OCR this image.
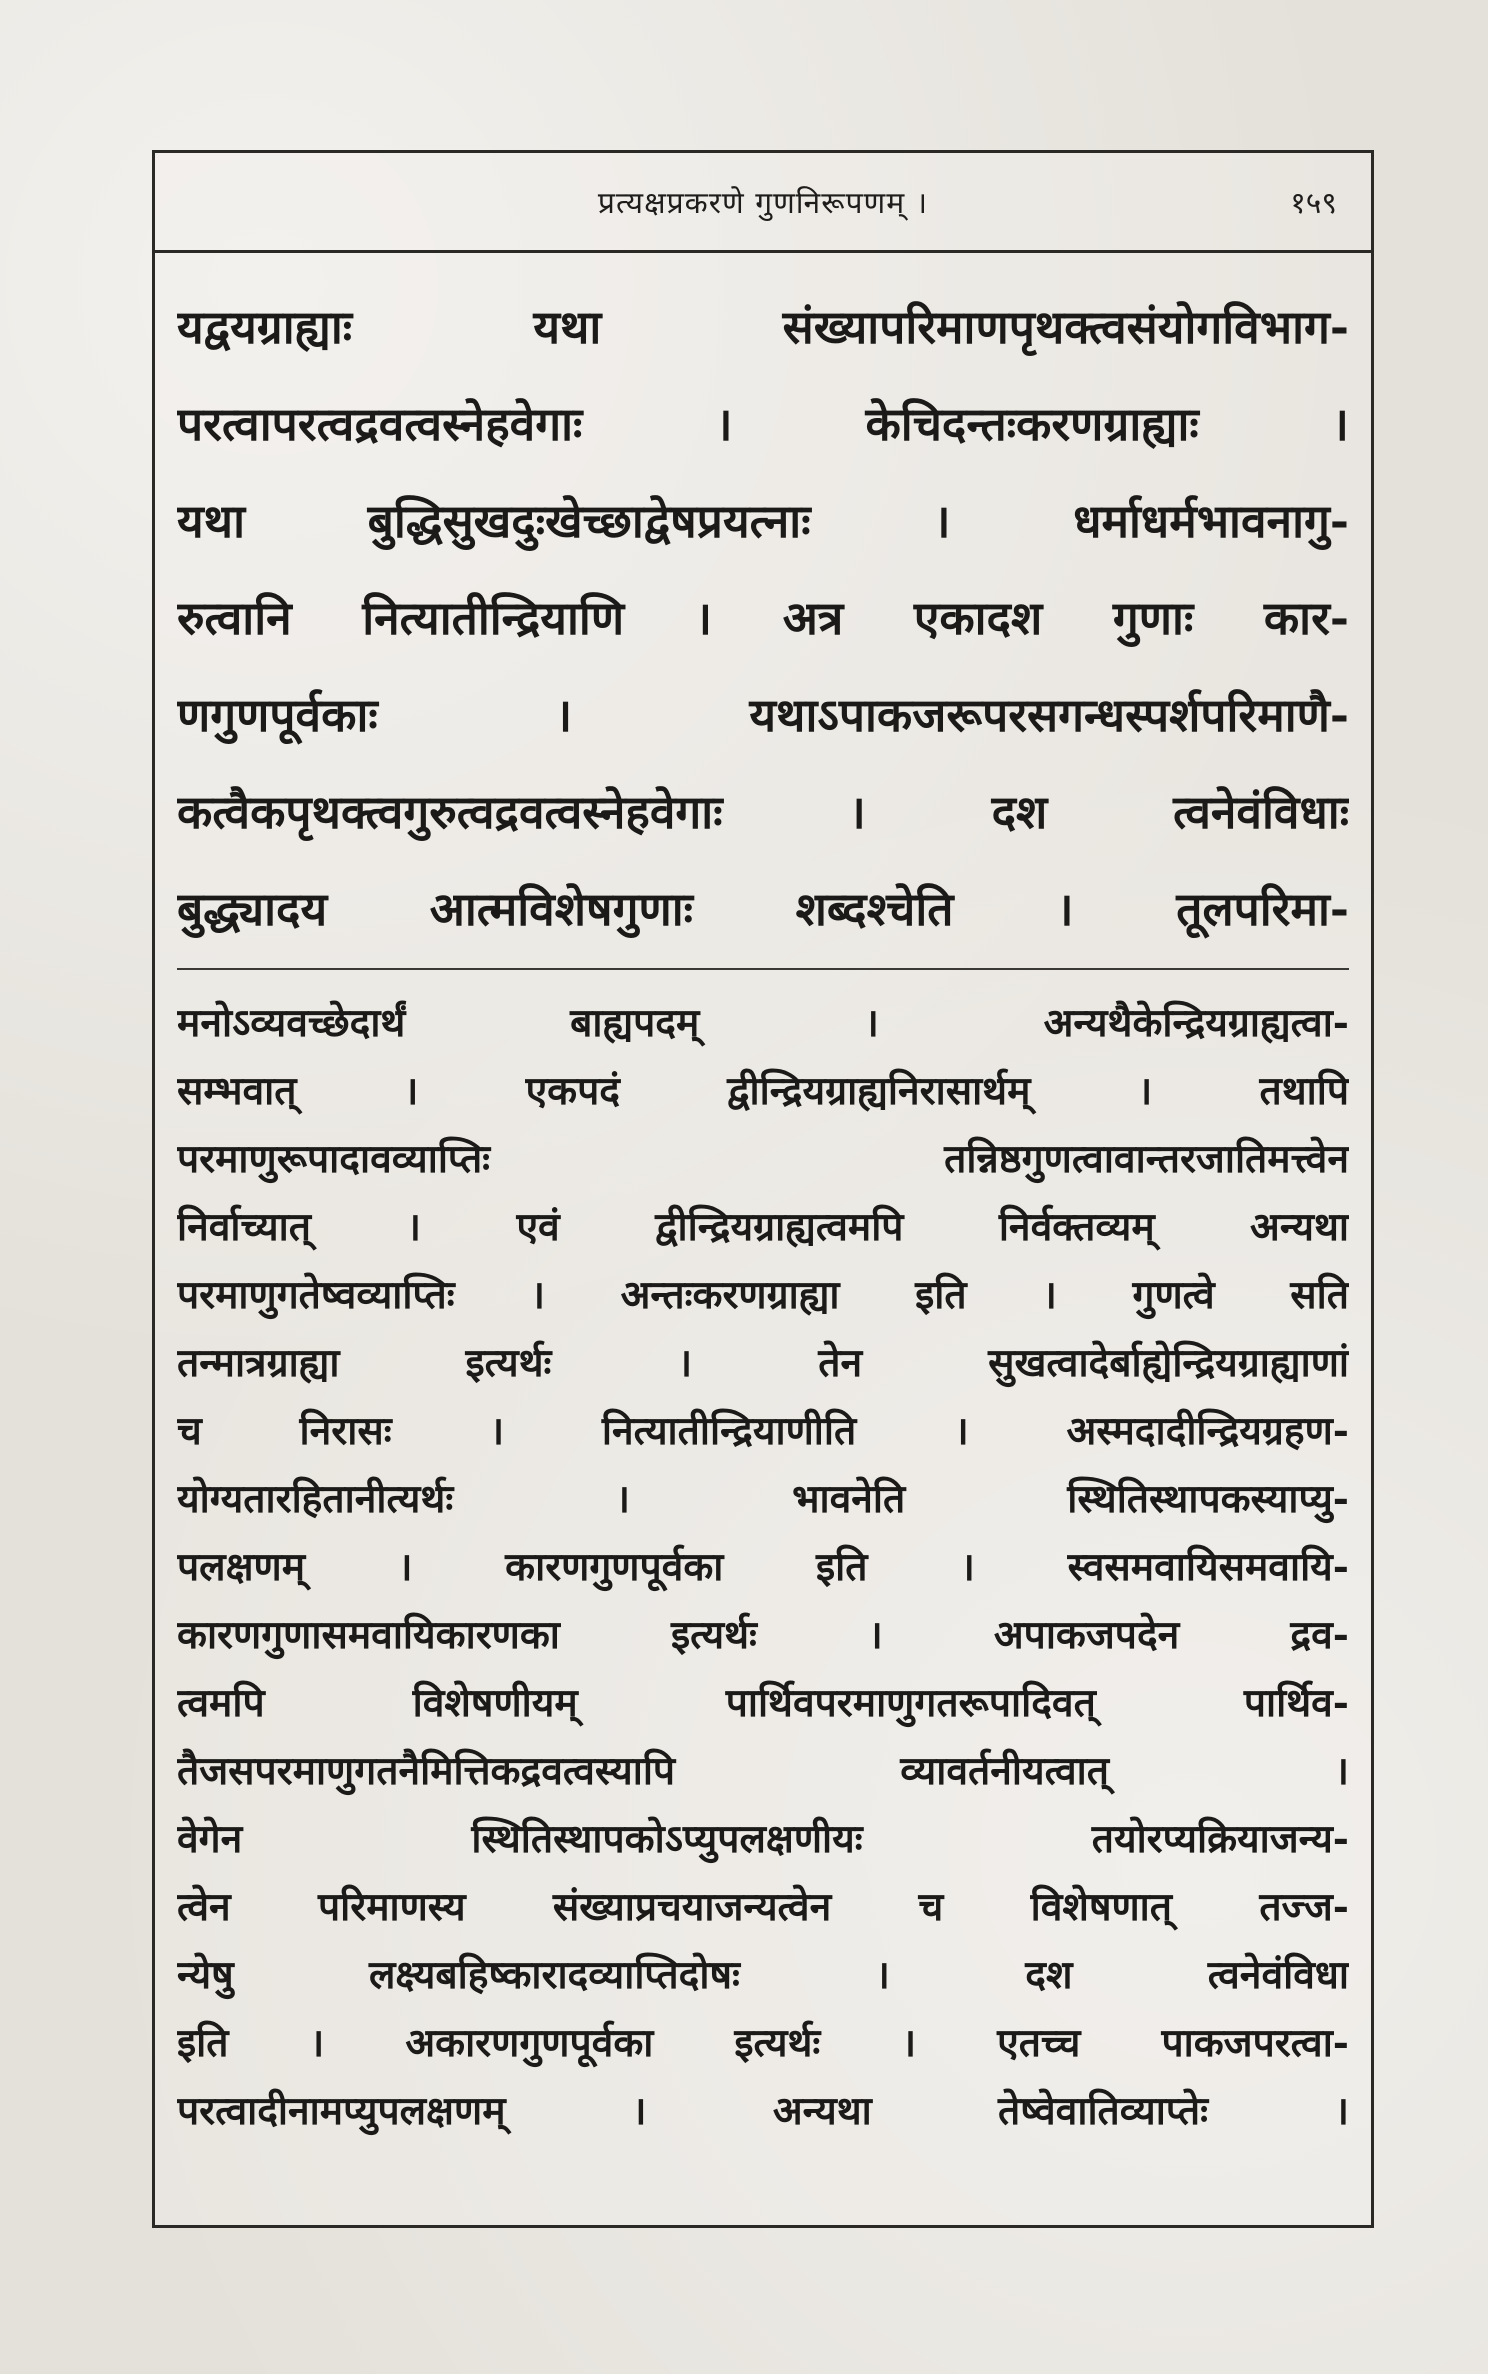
प्रत्यक्षप्रकरणे गुणनिरूपणम् ।	१५९
यद्वयग्राह्याः यथा संख्यापरिमाणपृथक्त्वसंयोगविभाग-
परत्वापरत्वद्रवत्वस्नेहवेगाः । केचिदन्तःकरणग्राह्याः ।
यथा बुद्धिसुखदुःखेच्छाद्वेषप्रयत्नाः । धर्माधर्मभावनागु-
रुत्वानि नित्यातीन्द्रियाणि । अत्र एकादश गुणाः कार-
णगुणपूर्वकाः । यथाऽपाकजरूपरसगन्धस्पर्शपरिमाणै-
कत्वैकपृथक्त्वगुरुत्वद्रवत्वस्नेहवेगाः । दश त्वनेवंविधाः
बुद्ध्यादय आत्मविशेषगुणाः शब्दश्चेति । तूलपरिमा-
मनोऽव्यवच्छेदार्थं बाह्यपदम् । अन्यथैकेन्द्रियग्राह्यत्वा-
सम्भवात् । एकपदं द्वीन्द्रियग्राह्यनिरासार्थम् । तथापि
परमाणुरूपादावव्याप्तिः तन्निष्ठगुणत्वावान्तरजातिमत्त्वेन
निर्वाच्यात् । एवं द्वीन्द्रियग्राह्यत्वमपि निर्वक्तव्यम् अन्यथा
परमाणुगतेष्वव्याप्तिः । अन्तःकरणग्राह्या इति । गुणत्वे सति
तन्मात्रग्राह्या इत्यर्थः । तेन सुखत्वादेर्बाह्येन्द्रियग्राह्याणां
च निरासः । नित्यातीन्द्रियाणीति । अस्मदादीन्द्रियग्रहण-
योग्यतारहितानीत्यर्थः । भावनेति स्थितिस्थापकस्याप्यु-
पलक्षणम् । कारणगुणपूर्वका इति । स्वसमवायिसमवायि-
कारणगुणासमवायिकारणका इत्यर्थः । अपाकजपदेन द्रव-
त्वमपि विशेषणीयम् पार्थिवपरमाणुगतरूपादिवत् पार्थिव-
तैजसपरमाणुगतनैमित्तिकद्रवत्वस्यापि व्यावर्तनीयत्वात् ।
वेगेन स्थितिस्थापकोऽप्युपलक्षणीयः तयोरप्यक्रियाजन्य-
त्वेन परिमाणस्य संख्याप्रचयाजन्यत्वेन च विशेषणात् तज्ज-
न्येषु लक्ष्यबहिष्कारादव्याप्तिदोषः । दश त्वनेवंविधा
इति । अकारणगुणपूर्वका इत्यर्थः । एतच्च पाकजपरत्वा-
परत्वादीनामप्युपलक्षणम् । अन्यथा तेष्वेवातिव्याप्तेः ।
